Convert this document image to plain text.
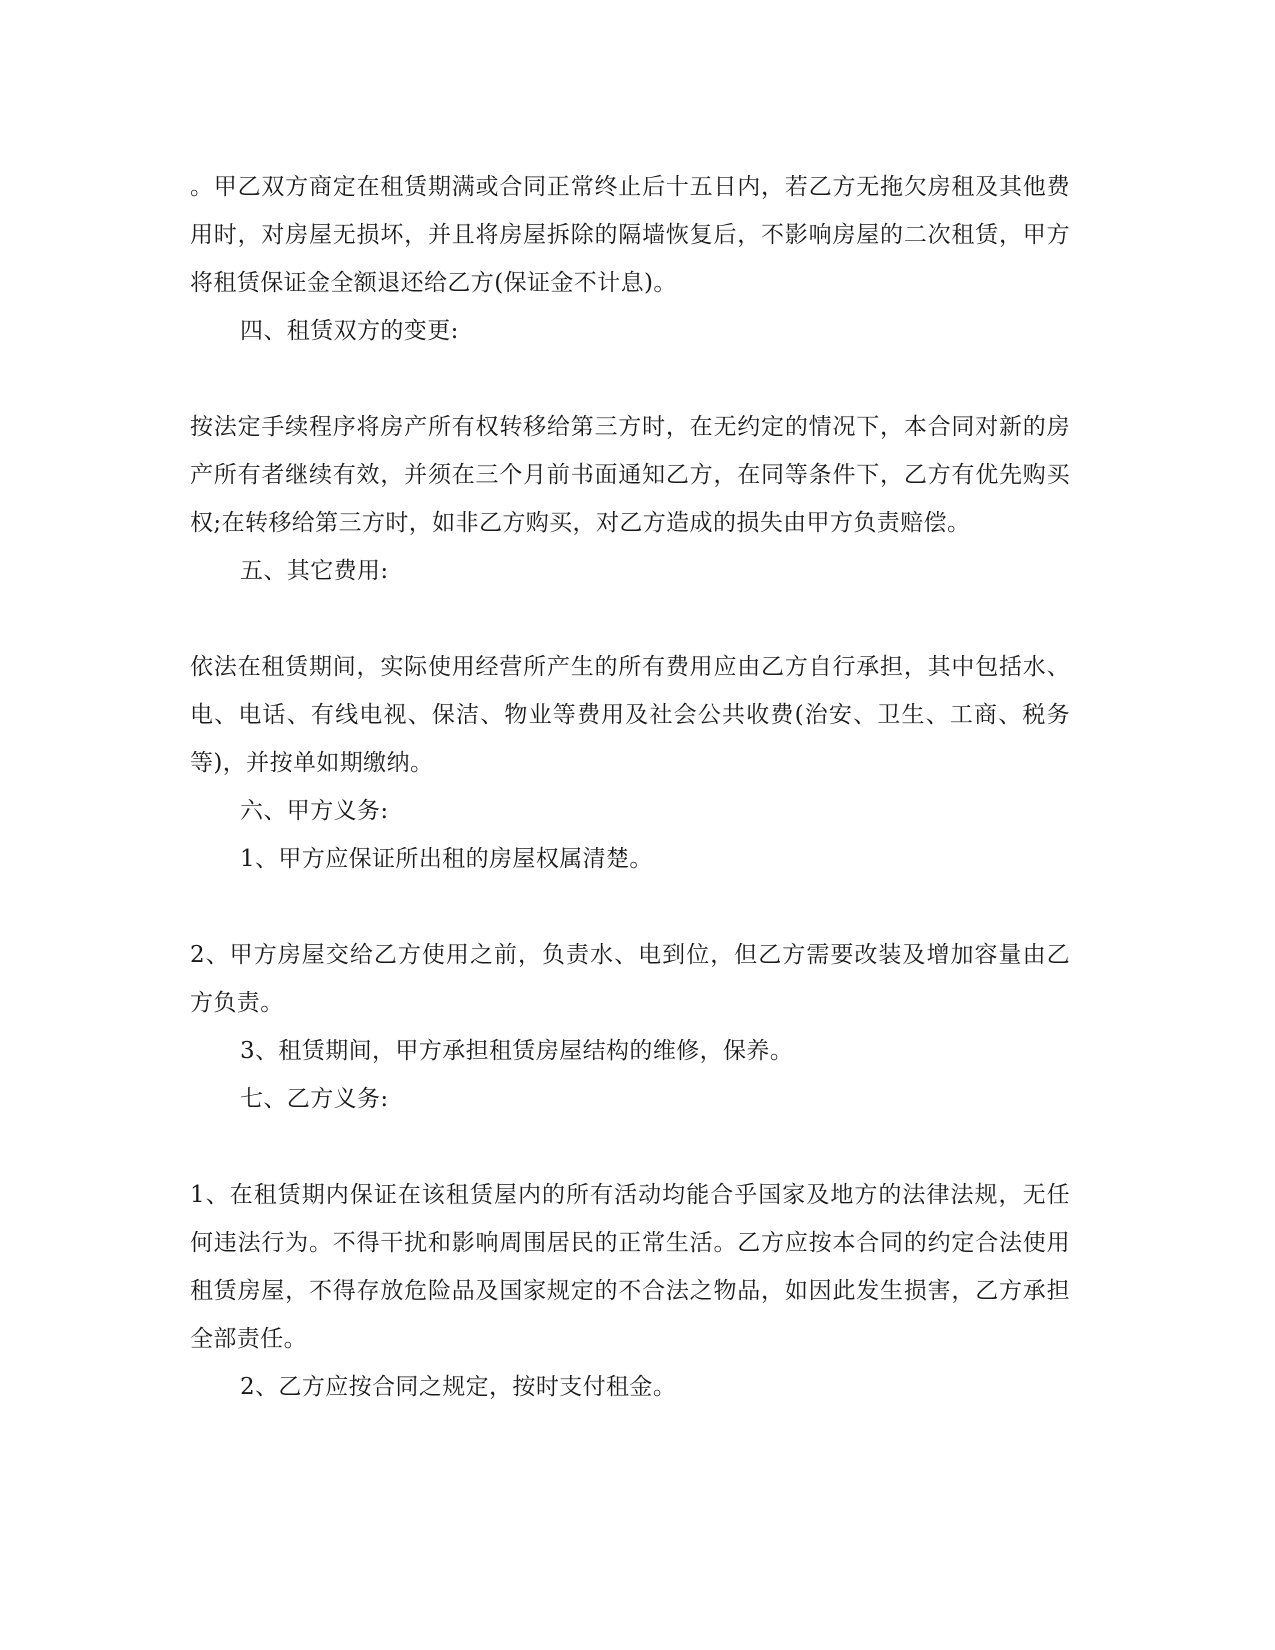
。甲乙双方商定在租赁期满或合同正常终止后十五日内，若乙方无拖欠房租及其他费用时，对房屋无损坏，并且将房屋拆除的隔墙恢复后，不影响房屋的二次租赁，甲方将租赁保证金全额退还给乙方(保证金不计息)。

四、租赁双方的变更:

按法定手续程序将房产所有权转移给第三方时，在无约定的情况下，本合同对新的房产所有者继续有效，并须在三个月前书面通知乙方，在同等条件下，乙方有优先购买权;在转移给第三方时，如非乙方购买，对乙方造成的损失由甲方负责赔偿。

五、其它费用:

依法在租赁期间，实际使用经营所产生的所有费用应由乙方自行承担，其中包括水、电、电话、有线电视、保洁、物业等费用及社会公共收费(治安、卫生、工商、税务等)，并按单如期缴纳。

六、甲方义务:

1、甲方应保证所出租的房屋权属清楚。

2、甲方房屋交给乙方使用之前，负责水、电到位，但乙方需要改装及增加容量由乙方负责。

3、租赁期间，甲方承担租赁房屋结构的维修，保养。

七、乙方义务:

1、在租赁期内保证在该租赁屋内的所有活动均能合乎国家及地方的法律法规，无任何违法行为。不得干扰和影响周围居民的正常生活。乙方应按本合同的约定合法使用租赁房屋，不得存放危险品及国家规定的不合法之物品，如因此发生损害，乙方承担全部责任。

2、乙方应按合同之规定，按时支付租金。
